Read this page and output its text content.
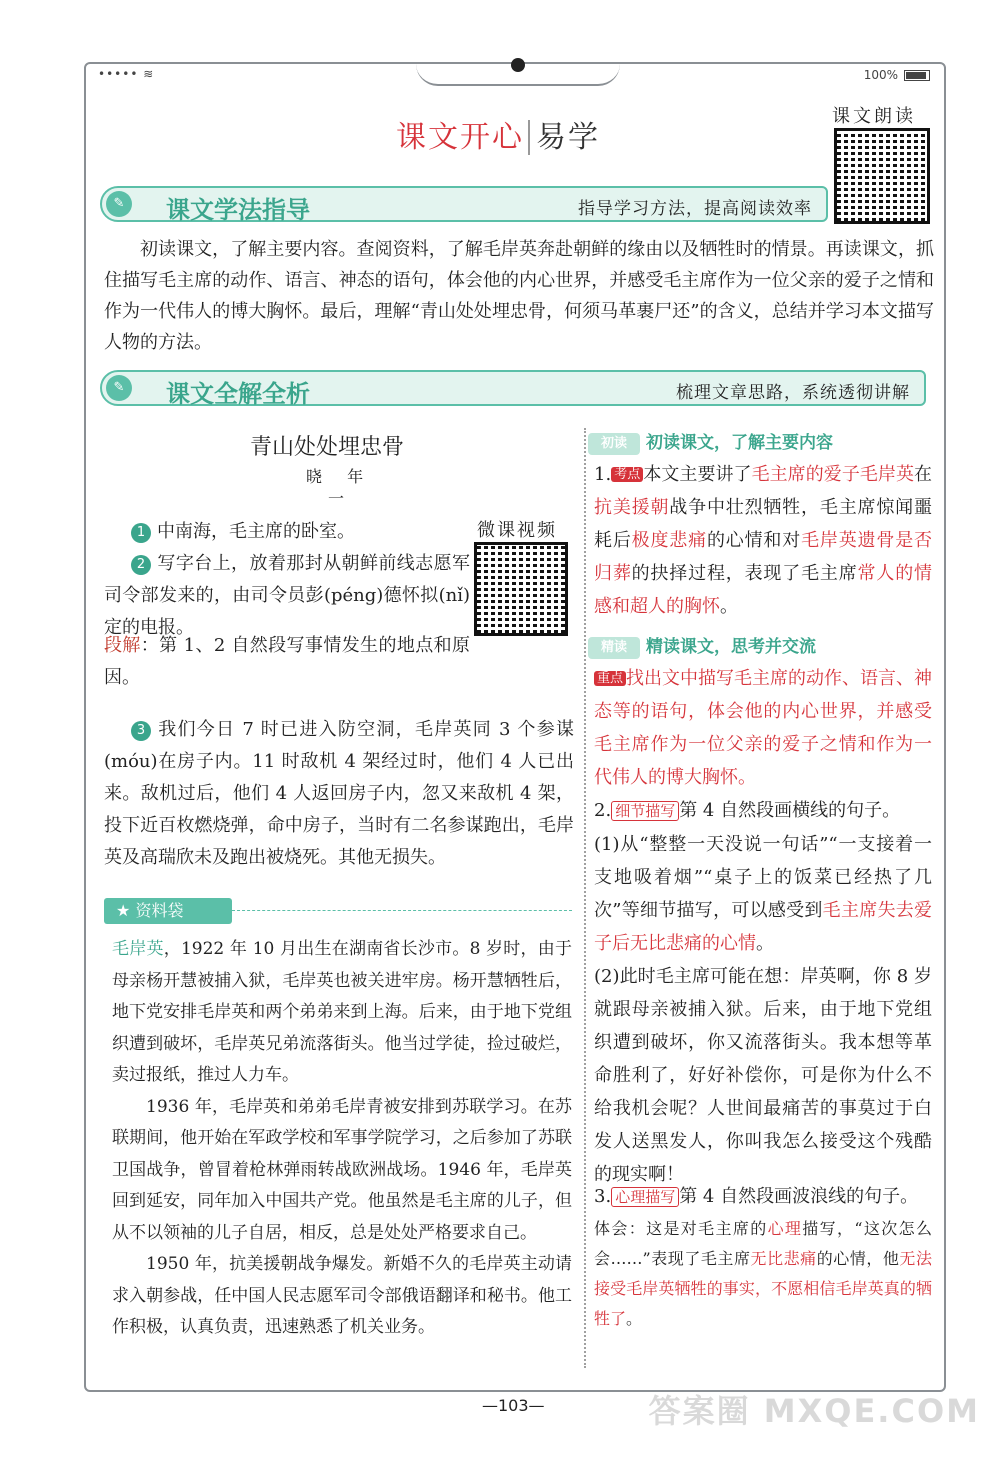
••••• ≋	100%
课文开心 易学
课文朗读
✎	课文学法指导	指导学习方法，提高阅读效率
初读课文，了解主要内容。查阅资料，了解毛岸英奔赴朝鲜的缘由以及牺牲时的情景。再读课文，抓住描写毛主席的动作、语言、神态的语句，体会他的内心世界，并感受毛主席作为一位父亲的爱子之情和作为一代伟人的博大胸怀。最后，理解“青山处处埋忠骨，何须马革裹尸还”的含义，总结并学习本文描写人物的方法。
✎	课文全解全析	梳理文章思路，系统透彻讲解
青山处处埋忠骨
晓 年
一
微课视频
1 中南海，毛主席的卧室。
2 写字台上，放着那封从朝鲜前线志愿军司令部发来的，由司令员彭(péng)德怀拟(nǐ)定的电报。
段解：第 1、2 自然段写事情发生的地点和原因。
3 我们今日 7 时已进入防空洞，毛岸英同 3 个参谋(móu)在房子内。11 时敌机 4 架经过时，他们 4 人已出来。敌机过后，他们 4 人返回房子内，忽又来敌机 4 架，投下近百枚燃烧弹，命中房子，当时有二名参谋跑出，毛岸英及高瑞欣未及跑出被烧死。其他无损失。
★ 资料袋

毛岸英，1922 年 10 月出生在湖南省长沙市。8 岁时，由于母亲杨开慧被捕入狱，毛岸英也被关进牢房。杨开慧牺牲后，地下党安排毛岸英和两个弟弟来到上海。后来，由于地下党组织遭到破坏，毛岸英兄弟流落街头。他当过学徒，捡过破烂，卖过报纸，推过人力车。

1936 年，毛岸英和弟弟毛岸青被安排到苏联学习。在苏联期间，他开始在军政学校和军事学院学习，之后参加了苏联卫国战争，曾冒着枪林弹雨转战欧洲战场。1946 年，毛岸英回到延安，同年加入中国共产党。他虽然是毛主席的儿子，但从不以领袖的儿子自居，相反，总是处处严格要求自己。

1950 年，抗美援朝战争爆发。新婚不久的毛岸英主动请求入朝参战，任中国人民志愿军司令部俄语翻译和秘书。他工作积极，认真负责，迅速熟悉了机关业务。

初读 初读课文，了解主要内容
1. 考点 本文主要讲了毛主席的爱子毛岸英在抗美援朝战争中壮烈牺牲，毛主席惊闻噩耗后极度悲痛的心情和对毛岸英遗骨是否归葬的抉择过程，表现了毛主席常人的情感和超人的胸怀。
精读 精读课文，思考并交流
重点 找出文中描写毛主席的动作、语言、神态等的语句，体会他的内心世界，并感受毛主席作为一位父亲的爱子之情和作为一代伟人的博大胸怀。
2. 细节描写 第 4 自然段画横线的句子。
(1)从“整整一天没说一句话”“一支接着一支地吸着烟”“桌子上的饭菜已经热了几次”等细节描写，可以感受到毛主席失去爱子后无比悲痛的心情。
(2)此时毛主席可能在想：岸英啊，你 8 岁就跟母亲被捕入狱。后来，由于地下党组织遭到破坏，你又流落街头。我本想等革命胜利了，好好补偿你，可是你为什么不给我机会呢？人世间最痛苦的事莫过于白发人送黑发人，你叫我怎么接受这个残酷的现实啊！
3. 心理描写 第 4 自然段画波浪线的句子。
体会：这是对毛主席的心理描写，“这次怎么会……”表现了毛主席无比悲痛的心情，他无法接受毛岸英牺牲的事实，不愿相信毛岸英真的牺牲了。
—103—	答案圈 MXQE.COM
